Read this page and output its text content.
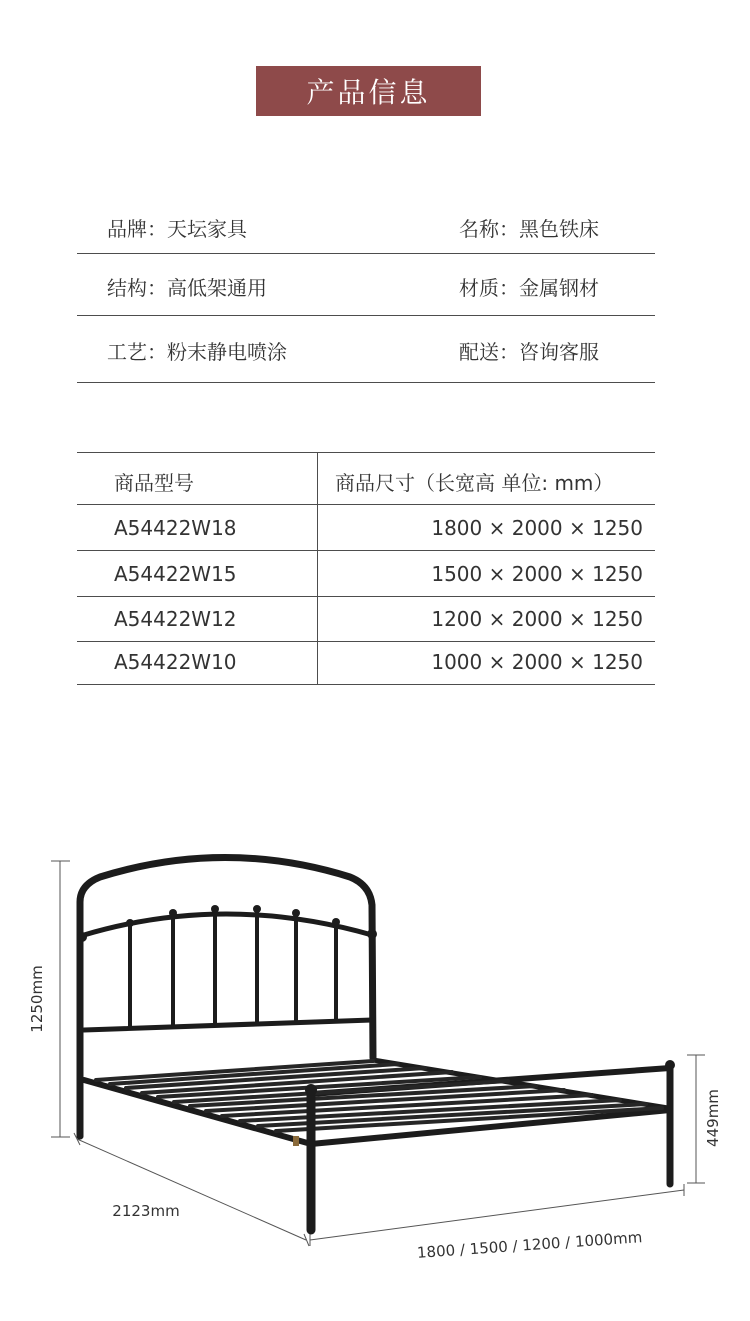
产品信息
品牌：天坛家具	名称：黑色铁床
结构：高低架通用	材质：金属钢材
工艺：粉末静电喷涂	配送：咨询客服
商品型号	商品尺寸（长宽高 单位: mm）
A54422W18	1800 × 2000 × 1250
A54422W15	1500 × 2000 × 1250
A54422W12	1200 × 2000 × 1250
A54422W10	1000 × 2000 × 1250
1250mm
449mm
2123mm
1800 / 1500 / 1200 / 1000mm
